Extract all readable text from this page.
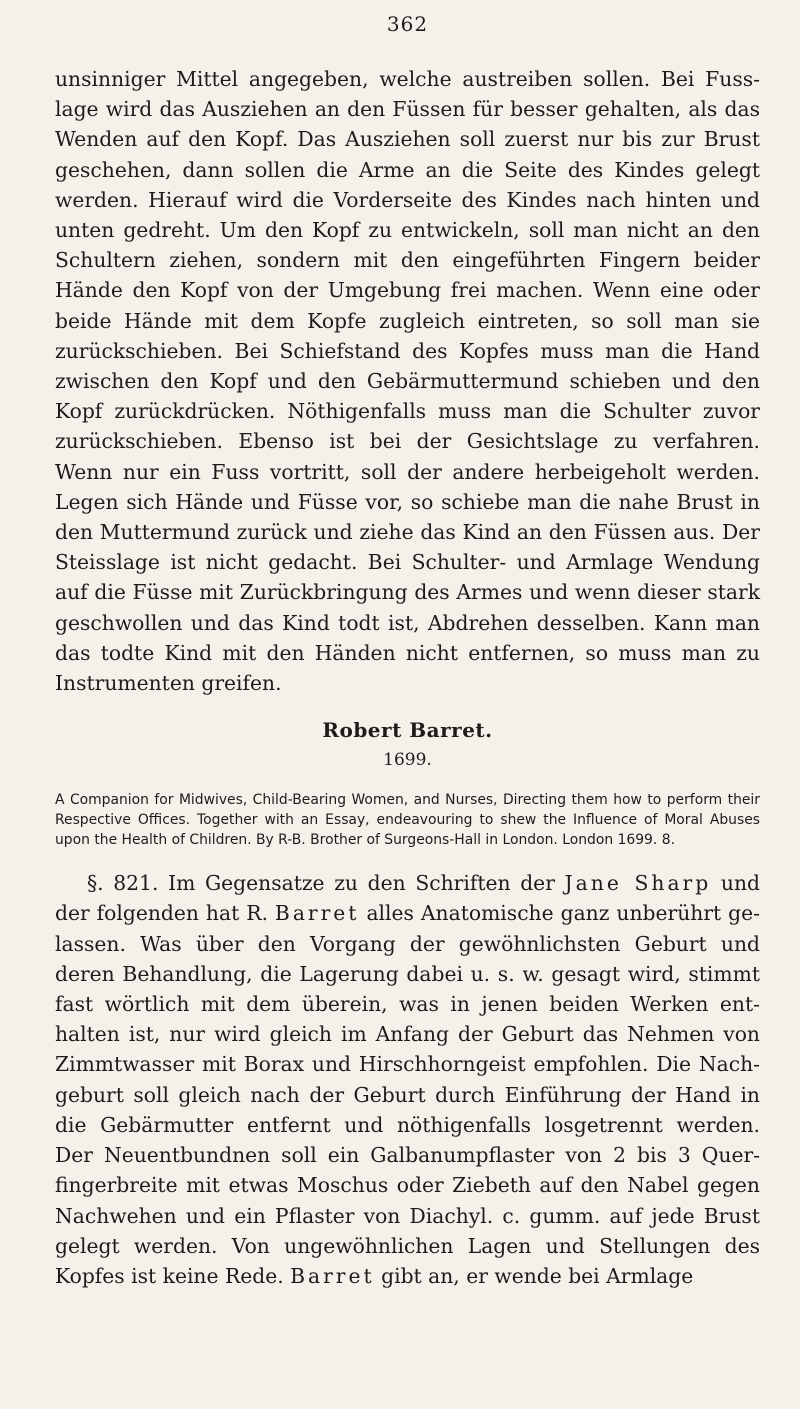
362

unsinniger Mittel angegeben, welche austreiben sollen. Bei Fusslage wird das Ausziehen an den Füssen für besser gehalten, als das Wenden auf den Kopf. Das Ausziehen soll zuerst nur bis zur Brust geschehen, dann sollen die Arme an die Seite des Kindes gelegt werden. Hierauf wird die Vorderseite des Kindes nach hinten und unten gedreht. Um den Kopf zu entwickeln, soll man nicht an den Schultern ziehen, sondern mit den eingeführten Fingern beider Hände den Kopf von der Umgebung frei machen. Wenn eine oder beide Hände mit dem Kopfe zugleich eintreten, so soll man sie zurückschieben. Bei Schiefstand des Kopfes muss man die Hand zwischen den Kopf und den Gebärmuttermund schieben und den Kopf zurückdrücken. Nöthigenfalls muss man die Schulter zuvor zurückschieben. Ebenso ist bei der Gesichtslage zu verfahren. Wenn nur ein Fuss vortritt, soll der andere herbeigeholt werden. Legen sich Hände und Füsse vor, so schiebe man die nahe Brust in den Muttermund zurück und ziehe das Kind an den Füssen aus. Der Steisslage ist nicht gedacht. Bei Schulter- und Armlage Wendung auf die Füsse mit Zurückbringung des Armes und wenn dieser stark geschwollen und das Kind todt ist, Abdrehen desselben. Kann man das todte Kind mit den Händen nicht entfernen, so muss man zu Instrumenten greifen.

Robert Barret.
1699.

A Companion for Midwives, Child-Bearing Women, and Nurses, Directing them how to perform their Respective Offices. Together with an Essay, endeavouring to shew the Influence of Moral Abuses upon the Health of Children. By R-B. Brother of Surgeons-Hall in London. London 1699. 8.

§. 821. Im Gegensatze zu den Schriften der Jane Sharp und der folgenden hat R. Barret alles Anatomische ganz unberührt gelassen. Was über den Vorgang der gewöhnlichsten Geburt und deren Behandlung, die Lagerung dabei u. s. w. gesagt wird, stimmt fast wörtlich mit dem überein, was in jenen beiden Werken enthalten ist, nur wird gleich im Anfang der Geburt das Nehmen von Zimmtwasser mit Borax und Hirschhorngeist empfohlen. Die Nachgeburt soll gleich nach der Geburt durch Einführung der Hand in die Gebärmutter entfernt und nöthigenfalls losgetrennt werden. Der Neuentbundnen soll ein Galbanumpflaster von 2 bis 3 Querfingerbreite mit etwas Moschus oder Ziebeth auf den Nabel gegen Nachwehen und ein Pflaster von Diachyl. c. gumm. auf jede Brust gelegt werden. Von ungewöhnlichen Lagen und Stellungen des Kopfes ist keine Rede. Barret gibt an, er wende bei Armlage
